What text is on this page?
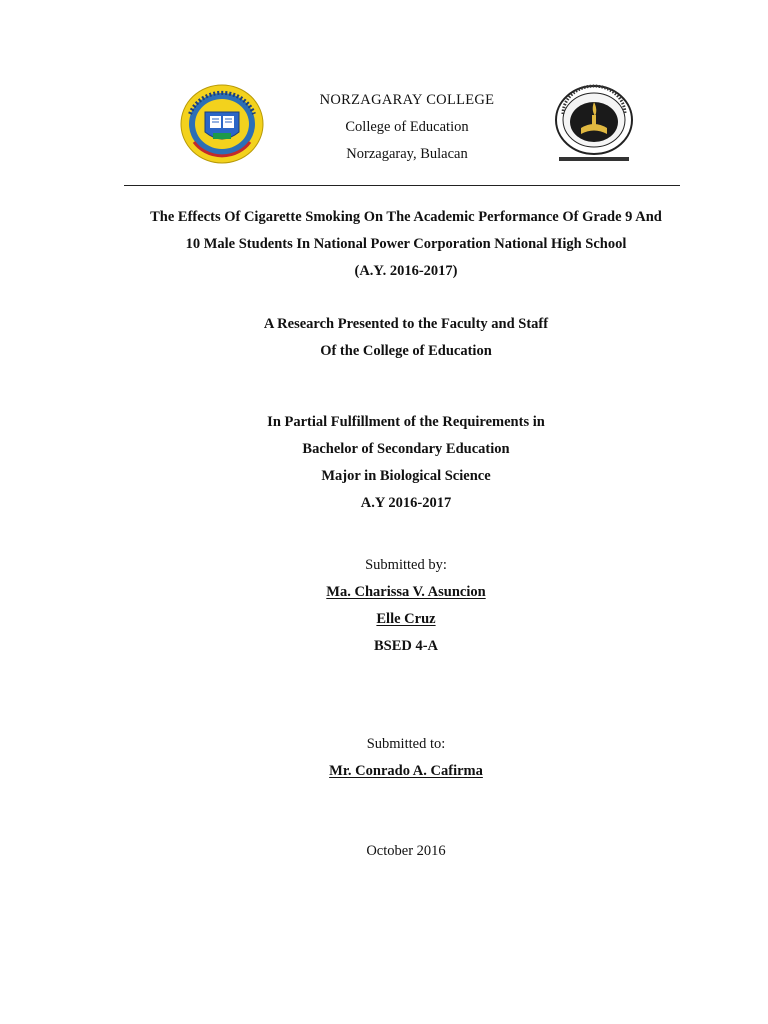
NORZAGARAY COLLEGE
College of Education
Norzagaray, Bulacan
The Effects Of Cigarette Smoking On The Academic Performance Of Grade 9 And
10 Male Students In National Power Corporation National High School
(A.Y. 2016-2017)
A Research Presented to the Faculty and Staff
Of the College of Education
In Partial Fulfillment of the Requirements in
Bachelor of Secondary Education
Major in Biological Science
A.Y 2016-2017
Submitted by:
Ma. Charissa V. Asuncion
Elle Cruz
BSED 4-A
Submitted to:
Mr. Conrado A. Cafirma
October 2016
